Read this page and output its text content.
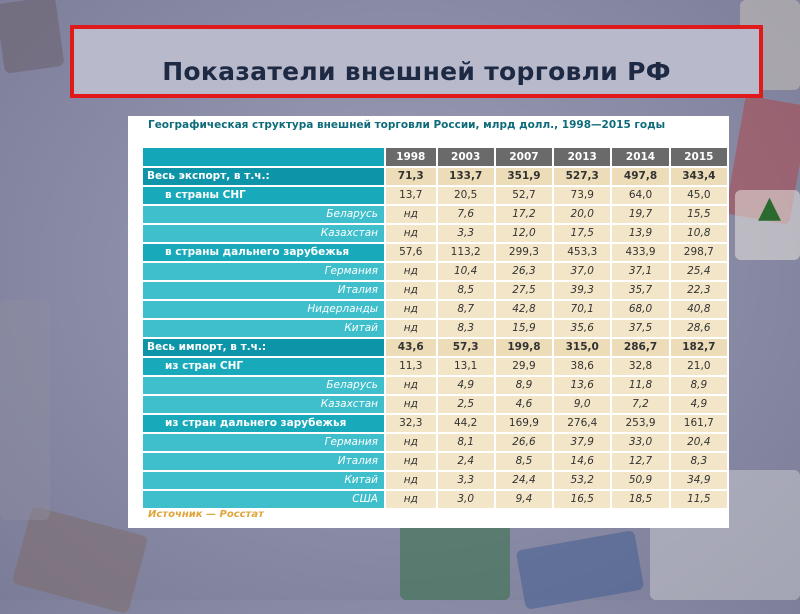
▲
Показатели внешней торговли РФ
Географическая структура внешней торговли России, млрд долл., 1998—2015 годы
	1998	2003	2007	2013	2014	2015
Весь экспорт, в т.ч.:	71,3	133,7	351,9	527,3	497,8	343,4
в страны СНГ	13,7	20,5	52,7	73,9	64,0	45,0
Беларусь	нд	7,6	17,2	20,0	19,7	15,5
Казахстан	нд	3,3	12,0	17,5	13,9	10,8
в страны дальнего зарубежья	57,6	113,2	299,3	453,3	433,9	298,7
Германия	нд	10,4	26,3	37,0	37,1	25,4
Италия	нд	8,5	27,5	39,3	35,7	22,3
Нидерланды	нд	8,7	42,8	70,1	68,0	40,8
Китай	нд	8,3	15,9	35,6	37,5	28,6
Весь импорт, в т.ч.:	43,6	57,3	199,8	315,0	286,7	182,7
из стран СНГ	11,3	13,1	29,9	38,6	32,8	21,0
Беларусь	нд	4,9	8,9	13,6	11,8	8,9
Казахстан	нд	2,5	4,6	9,0	7,2	4,9
из стран дальнего зарубежья	32,3	44,2	169,9	276,4	253,9	161,7
Германия	нд	8,1	26,6	37,9	33,0	20,4
Италия	нд	2,4	8,5	14,6	12,7	8,3
Китай	нд	3,3	24,4	53,2	50,9	34,9
США	нд	3,0	9,4	16,5	18,5	11,5
Источник — Росстат
